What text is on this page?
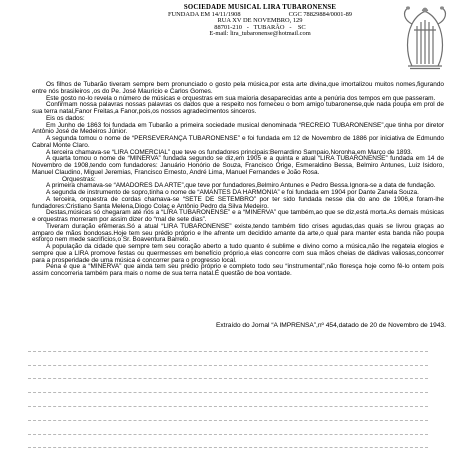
SOCIEDADE MUSICAL LIRA TUBARONENSE
FUNDADA EM 14/11/1908	CGC 78829884/0001-89
RUA XV DE NOVEMBRO, 129
88701-210   -   TUBARÃO   -    SC
E-mail: lira_tubaronense@hotmail.com

Os filhos de Tubarão tiveram sempre bem pronunciado o gosto pela música,por esta arte divina,que imortalizou muitos nomes,figurando entre nós brasileiros ,os do Pe. José Maurício e Carlos Gomes.

Este gosto no-lo revela o número de músicas e orquestras em sua maioria desaparecidas ante a penúria dos tempos em que passeram.

Confirmam nossa palavras nossas palavras os dados que a respeito nos forneceu o bom amigo tubaronense,que nada poupa em prol de sua terra natal,Fanor Freitas,a Fanor,pois,os nossos agradecimentos sinceros.

Eis os dados:

Em Junho de 1863 foi fundada em Tubarão a primeira sociedade musical denominada “RECREIO TUBARONENSE”,que tinha por diretor Antônio José de Medeiros Júnior.

A segunda tomou o nome de “PERSEVERANÇA TUBARONENSE” e foi fundada em 12 de Novembro de 1886 por iniciativa de Edmundo Cabral Monte Claro.

A terceira chamava-se “LIRA COMERCIAL” que teve os fundadores principais:Bernardino Sampaio,Noronha,em Março de 1893.

A quarta tomou o nome de “MINERVA” fundada segundo se diz,em 1905 e a quinta e atual “LIRA TUBARONENSE” fundada em 14 de Novembro de 1908,tendo com fundadores: Januário Honório de Souza, Francisco Orige, Esmeraldino Bessa, Belmiro Antunes, Luiz Isidoro, Manuel Claudino, Miguel Jeremias, Francisco Ernesto, André Lima, Manuel Fernandes e João Rosa.

Orquestras:

A primeira chamava-se “AMADORES DA ARTE”,que teve por fundadores,Belmiro Antunes e Pedro Bessa.Ignora-se a data de fundação.

A segunda de instrumento de sopro,tinha o nome de “AMANTES DA HARMONIA” e foi fundada em 1904 por Dante Zanela Souza.

A terceira, orquestra de cordas chamava-se “SETE DE SETEMBRO” por ter sido fundada nesse dia do ano de 1906,e foram-lhe fundadores:Cristiano Santa Melena,Diogo Colaç e Antônio Pedro da Silva Medeiro.

Destas,músicas só chegaram até nós a “LIRA TUBARONENSE” e a “MINERVA” que também,ao que se diz,está morta.As demais músicas e orquestras morreram por assim dizer do “mal de sete dias”.

Tiveram duração efêmeras.Só a atual “LIRA TUBARONENSE” existe,tendo também tido crises agudas,das quais se livrou graças ao amparo de mãos bondosas.Hoje tem seu prédio próprio e lhe afrente um decidido amante da arte,o qual para manter esta banda não poupa esforço nem mede sacrifícios,o Sr. Boaventura Barreto.

A população da cidade que sempre tem seu coração aberto a tudo quanto é sublime e divino como a música,não lhe regateia elogios e sempre que a LIRA promove festas ou quermesses em benefício próprio,a elas concorre com sua mãos cheias de dádivas valiosas,concorrer para a prosperidade de uma música é concorrer para o progresso local.

Pena é que a “MINERVA” que ainda tem seu prédio próprio e completo todo seu “instrumental”,não floresça hoje como fê-lo ontem pois assim concorreria também para mais o nome de sua terra natal.É questão de boa vontade.

Extraído do Jornal “A IMPRENSA”,nº 454,datado de 20 de Novembro de 1943.
